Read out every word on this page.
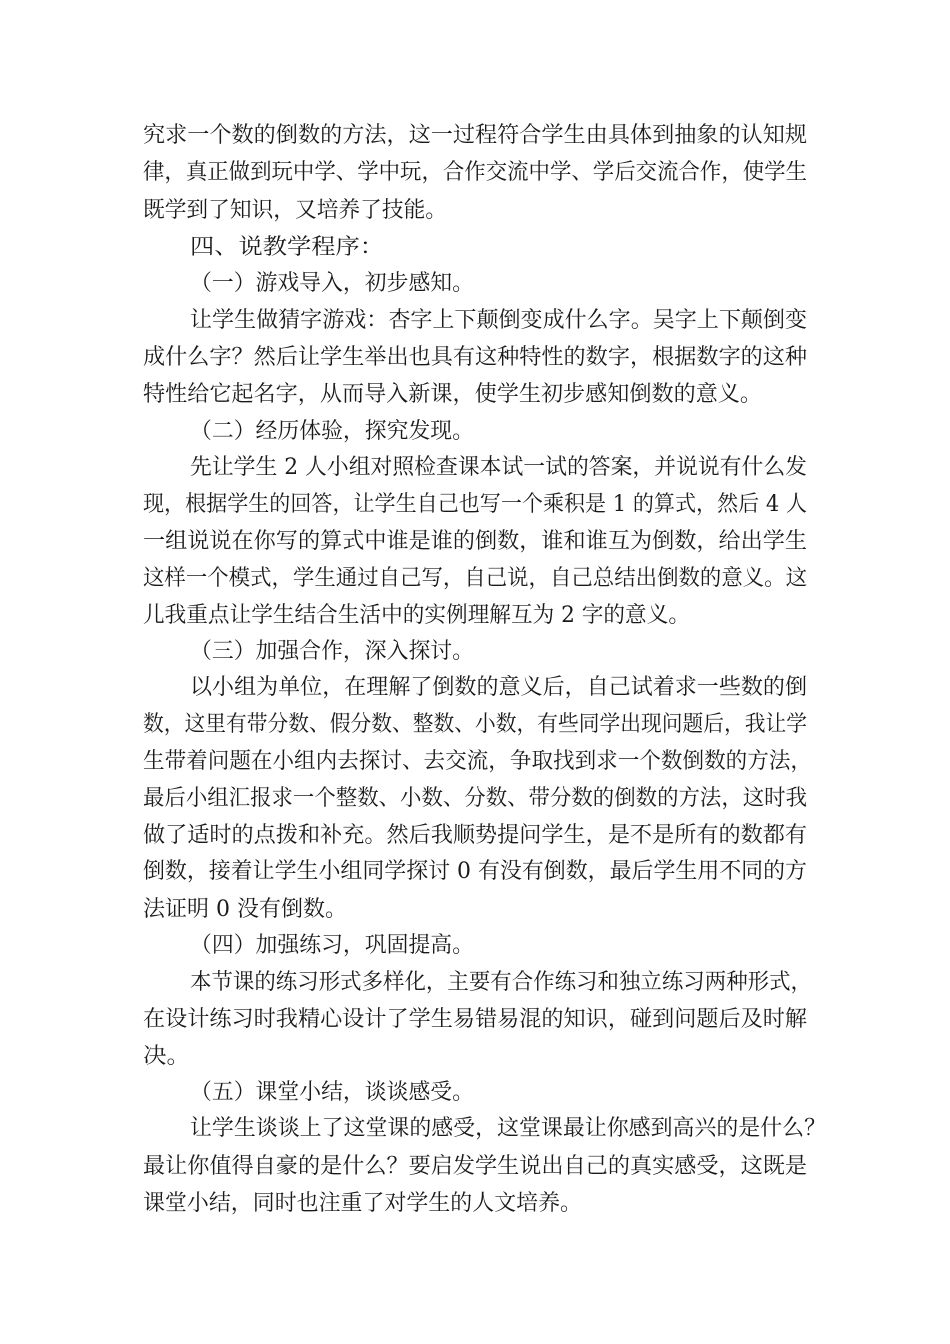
究求一个数的倒数的方法，这一过程符合学生由具体到抽象的认知规
律，真正做到玩中学、学中玩，合作交流中学、学后交流合作，使学生
既学到了知识，又培养了技能。
四、说教学程序：
（一）游戏导入，初步感知。
让学生做猜字游戏：杏字上下颠倒变成什么字。吴字上下颠倒变
成什么字？然后让学生举出也具有这种特性的数字，根据数字的这种
特性给它起名字，从而导入新课，使学生初步感知倒数的意义。
（二）经历体验，探究发现。
先让学生 2 人小组对照检查课本试一试的答案，并说说有什么发
现，根据学生的回答，让学生自己也写一个乘积是 1 的算式，然后 4 人
一组说说在你写的算式中谁是谁的倒数，谁和谁互为倒数，给出学生
这样一个模式，学生通过自己写，自己说，自己总结出倒数的意义。这
儿我重点让学生结合生活中的实例理解互为 2 字的意义。
（三）加强合作，深入探讨。
以小组为单位，在理解了倒数的意义后，自己试着求一些数的倒
数，这里有带分数、假分数、整数、小数，有些同学出现问题后，我让学
生带着问题在小组内去探讨、去交流，争取找到求一个数倒数的方法，
最后小组汇报求一个整数、小数、分数、带分数的倒数的方法，这时我
做了适时的点拨和补充。然后我顺势提问学生，是不是所有的数都有
倒数，接着让学生小组同学探讨 0 有没有倒数，最后学生用不同的方
法证明 0 没有倒数。
（四）加强练习，巩固提高。
本节课的练习形式多样化，主要有合作练习和独立练习两种形式，
在设计练习时我精心设计了学生易错易混的知识，碰到问题后及时解
决。
（五）课堂小结，谈谈感受。
让学生谈谈上了这堂课的感受，这堂课最让你感到高兴的是什么？
最让你值得自豪的是什么？要启发学生说出自己的真实感受，这既是
课堂小结，同时也注重了对学生的人文培养。
